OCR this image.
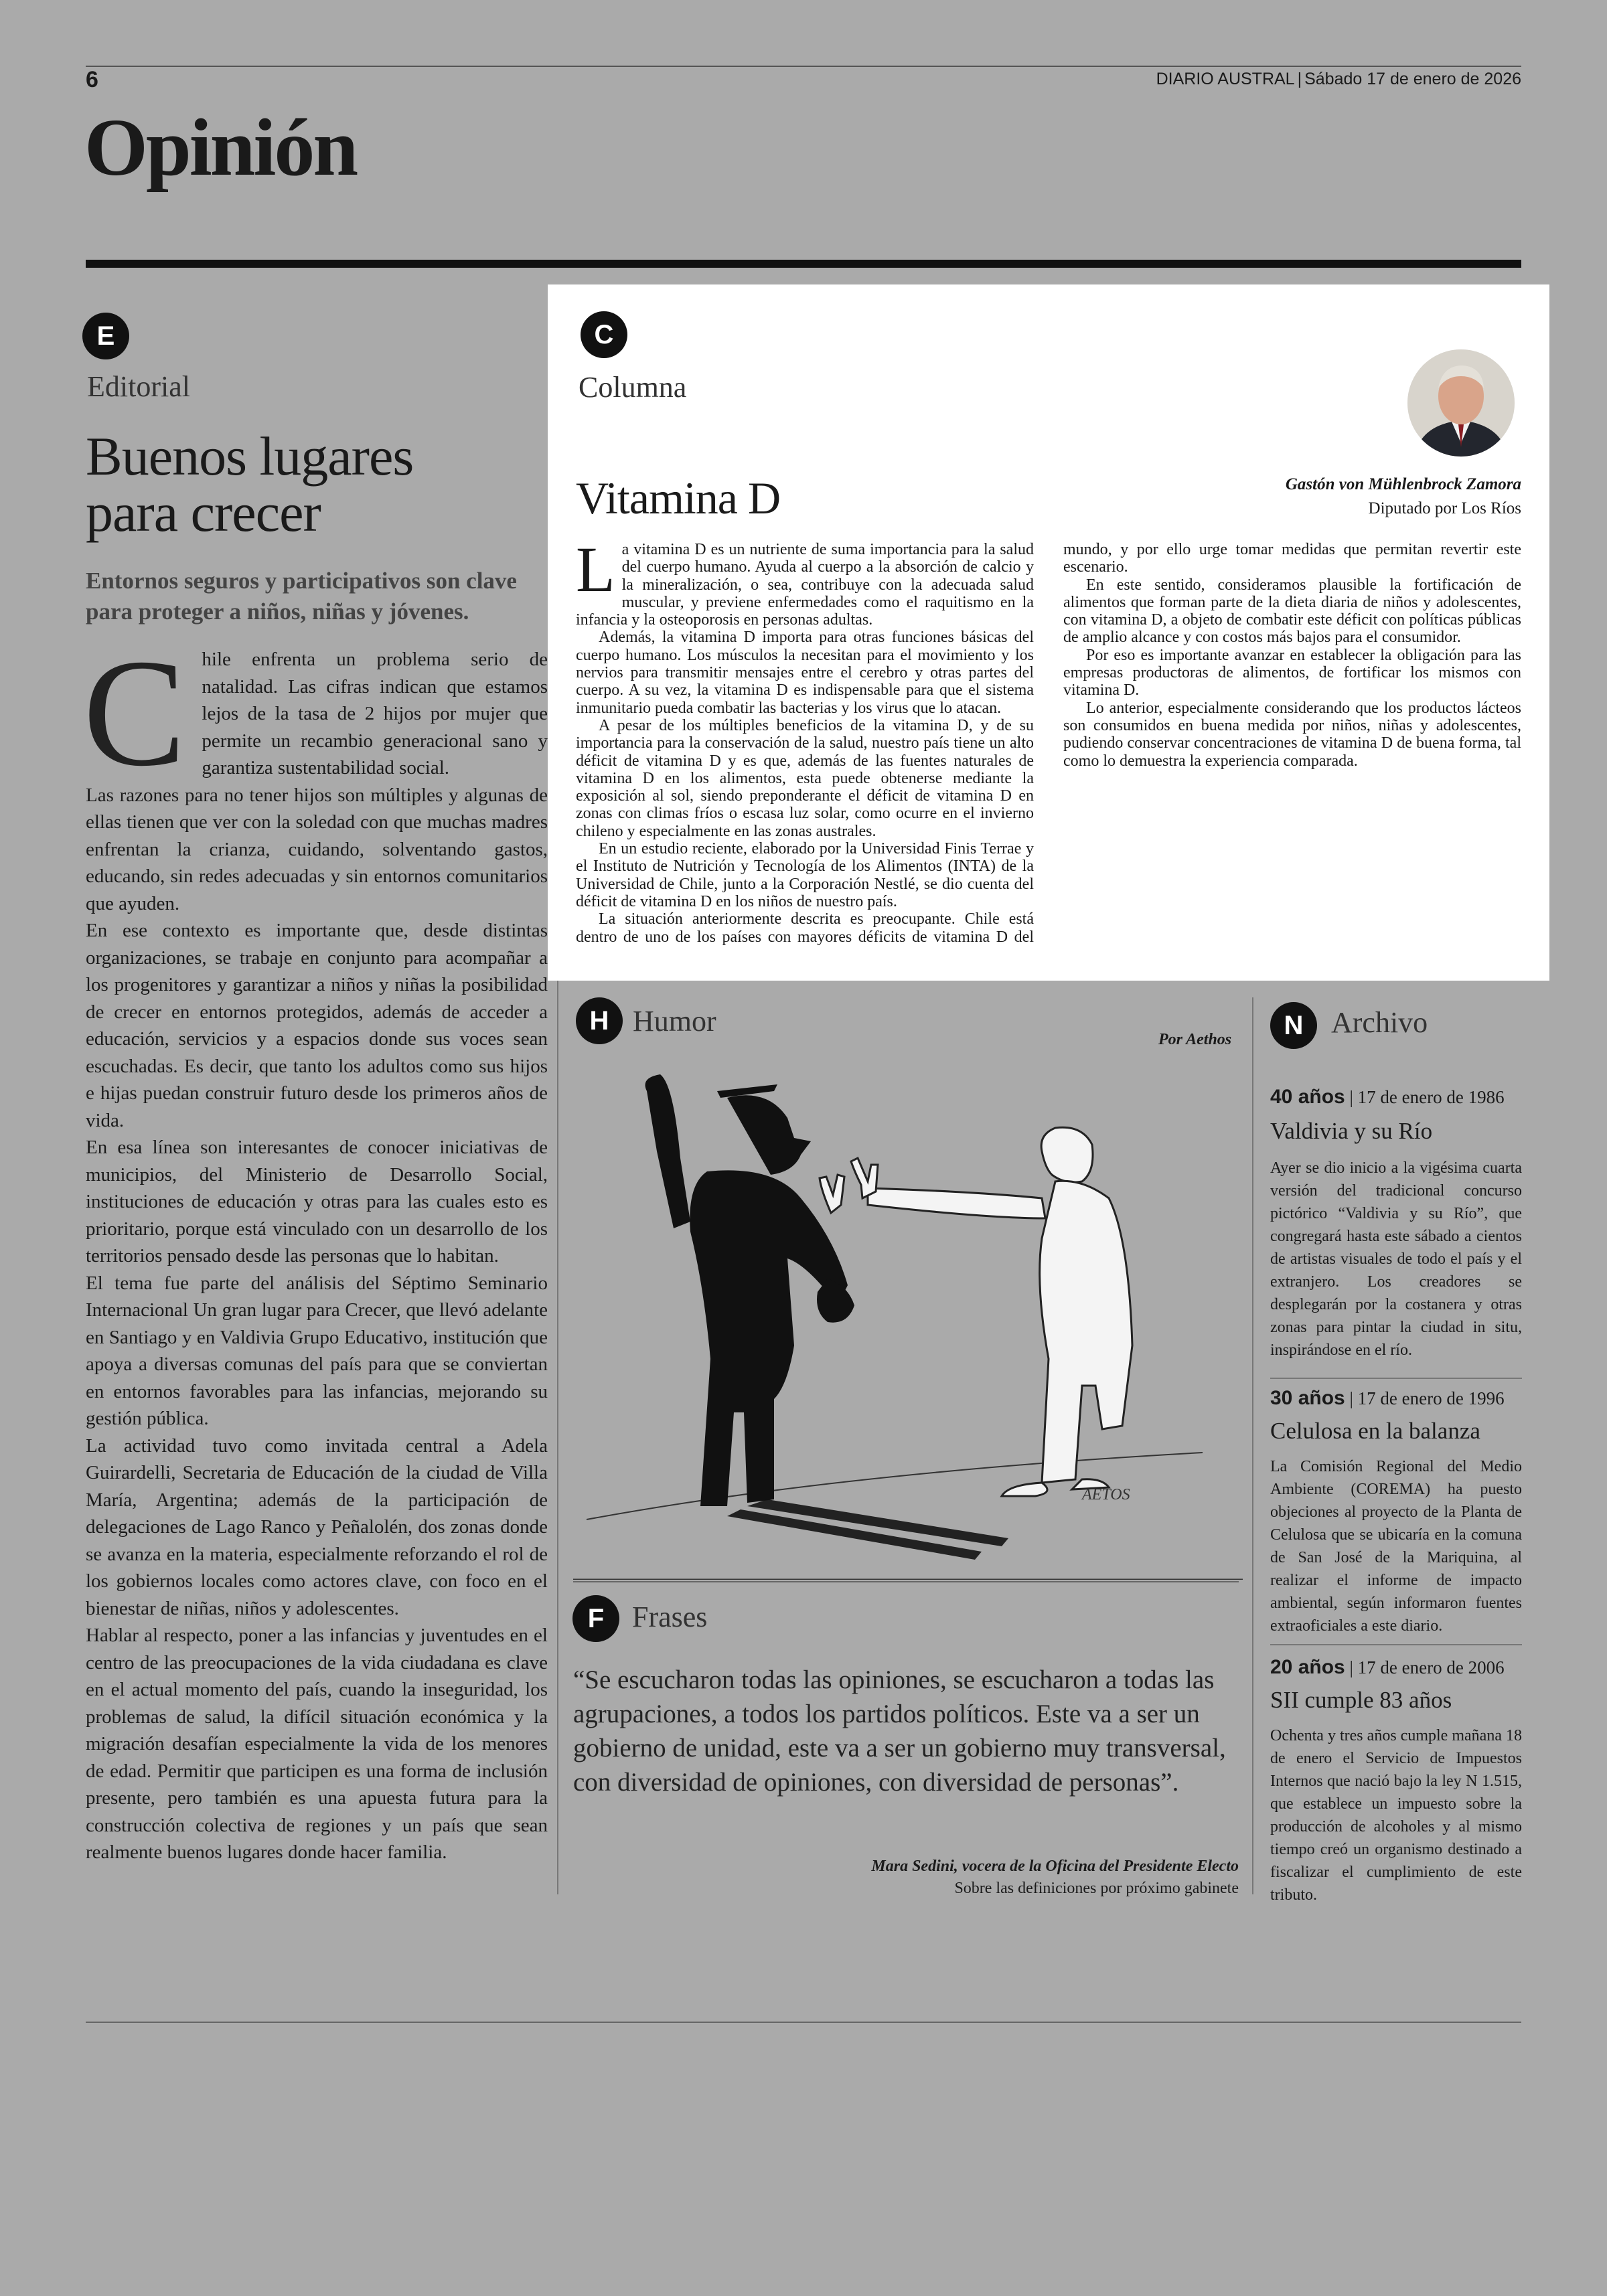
6	DIARIO AUSTRAL | Sábado 17 de enero de 2026
Opinión
E
Editorial
Buenos lugares
para crecer
Entornos seguros y participativos son clave para proteger a niños, niñas y jóvenes.

Chile enfrenta un problema serio de natalidad. Las cifras indican que estamos lejos de la tasa de 2 hijos por mujer que permite un recambio generacional sano y garantiza sustentabilidad social.

Las razones para no tener hijos son múltiples y algunas de ellas tienen que ver con la soledad con que muchas madres enfrentan la crianza, cuidando, solventando gastos, educando, sin redes adecuadas y sin entornos comunitarios que ayuden.

En ese contexto es importante que, desde distintas organizaciones, se trabaje en conjunto para acompañar a los progenitores y garantizar a niños y niñas la posibilidad de crecer en entornos protegidos, además de acceder a educación, servicios y a espacios donde sus voces sean escuchadas. Es decir, que tanto los adultos como sus hijos e hijas puedan construir futuro desde los primeros años de vida.

En esa línea son interesantes de conocer iniciativas de municipios, del Ministerio de Desarrollo Social, instituciones de educación y otras para las cuales esto es prioritario, porque está vinculado con un desarrollo de los territorios pensado desde las personas que lo habitan.

El tema fue parte del análisis del Séptimo Seminario Internacional Un gran lugar para Crecer, que llevó adelante en Santiago y en Valdivia Grupo Educativo, institución que apoya a diversas comunas del país para que se conviertan en entornos favorables para las infancias, mejorando su gestión pública.

La actividad tuvo como invitada central a Adela Guirardelli, Secretaria de Educación de la ciudad de Villa María, Argentina; además de la participación de delegaciones de Lago Ranco y Peñalolén, dos zonas donde se avanza en la materia, especialmente reforzando el rol de los gobiernos locales como actores clave, con foco en el bienestar de niñas, niños y adolescentes.

Hablar al respecto, poner a las infancias y juventudes en el centro de las preocupaciones de la vida ciudadana es clave en el actual momento del país, cuando la inseguridad, los problemas de salud, la difícil situación económica y la migración desafían especialmente la vida de los menores de edad. Permitir que participen es una forma de inclusión presente, pero también es una apuesta futura para la construcción colectiva de regiones y un país que sean realmente buenos lugares donde hacer familia.

C
Columna
Vitamina D	Gastón von Mühlenbrock Zamora
Diputado por Los Ríos

La vitamina D es un nutriente de suma importancia para la salud del cuerpo humano. Ayuda al cuerpo a la absorción de calcio y la mineralización, o sea, contribuye con la adecuada salud muscular, y previene enfermedades como el raquitismo en la infancia y la osteoporosis en personas adultas.

Además, la vitamina D importa para otras funciones básicas del cuerpo humano. Los músculos la necesitan para el movimiento y los nervios para transmitir mensajes entre el cerebro y otras partes del cuerpo. A su vez, la vitamina D es indispensable para que el sistema inmunitario pueda combatir las bacterias y los virus que lo atacan.

A pesar de los múltiples beneficios de la vitamina D, y de su importancia para la conservación de la salud, nuestro país tiene un alto déficit de vitamina D y es que, además de las fuentes naturales de vitamina D en los alimentos, esta puede obtenerse mediante la exposición al sol, siendo preponderante el déficit de vitamina D en zonas con climas fríos o escasa luz solar, como ocurre en el invierno chileno y especialmente en las zonas australes.

En un estudio reciente, elaborado por la Universidad Finis Terrae y el Instituto de Nutrición y Tecnología de los Alimentos (INTA) de la Universidad de Chile, junto a la Corporación Nestlé, se dio cuenta del déficit de vitamina D en los niños de nuestro país.

La situación anteriormente descrita es preocupante. Chile está dentro de uno de los países con mayores déficits de vitamina D del mundo, y por ello urge tomar medidas que permitan revertir este escenario.

En este sentido, consideramos plausible la fortificación de alimentos que forman parte de la dieta diaria de niños y adolescentes, con vitamina D, a objeto de combatir este déficit con políticas públicas de amplio alcance y con costos más bajos para el consumidor.

Por eso es importante avanzar en establecer la obligación para las empresas productoras de alimentos, de fortificar los mismos con vitamina D.

Lo anterior, especialmente considerando que los productos lácteos son consumidos en buena medida por niños, niñas y adolescentes, pudiendo conservar concentraciones de vitamina D de buena forma, tal como lo demuestra la experiencia comparada.

H Humor
Por Aethos
AETOS
F Frases
“Se escucharon todas las opiniones, se escucharon a todas las agrupaciones, a todos los partidos políticos. Este va a ser un gobierno de unidad, este va a ser un gobierno muy transversal, con diversidad de opiniones, con diversidad de personas”.
Mara Sedini, vocera de la Oficina del Presidente Electo
Sobre las definiciones por próximo gabinete
N Archivo
40 años | 17 de enero de 1986
Valdivia y su Río
Ayer se dio inicio a la vigésima cuarta versión del tradicional concurso pictórico “Valdivia y su Río”, que congregará hasta este sábado a cientos de artistas visuales de todo el país y el extranjero. Los creadores se desplegarán por la costanera y otras zonas para pintar la ciudad in situ, inspirándose en el río.
30 años | 17 de enero de 1996
Celulosa en la balanza
La Comisión Regional del Medio Ambiente (COREMA) ha puesto objeciones al proyecto de la Planta de Celulosa que se ubicaría en la comuna de San José de la Mariquina, al realizar el informe de impacto ambiental, según informaron fuentes extraoficiales a este diario.
20 años | 17 de enero de 2006
SII cumple 83 años
Ochenta y tres años cumple mañana 18 de enero el Servicio de Impuestos Internos que nació bajo la ley N 1.515, que establece un impuesto sobre la producción de alcoholes y al mismo tiempo creó un organismo destinado a fiscalizar el cumplimiento de este tributo.
